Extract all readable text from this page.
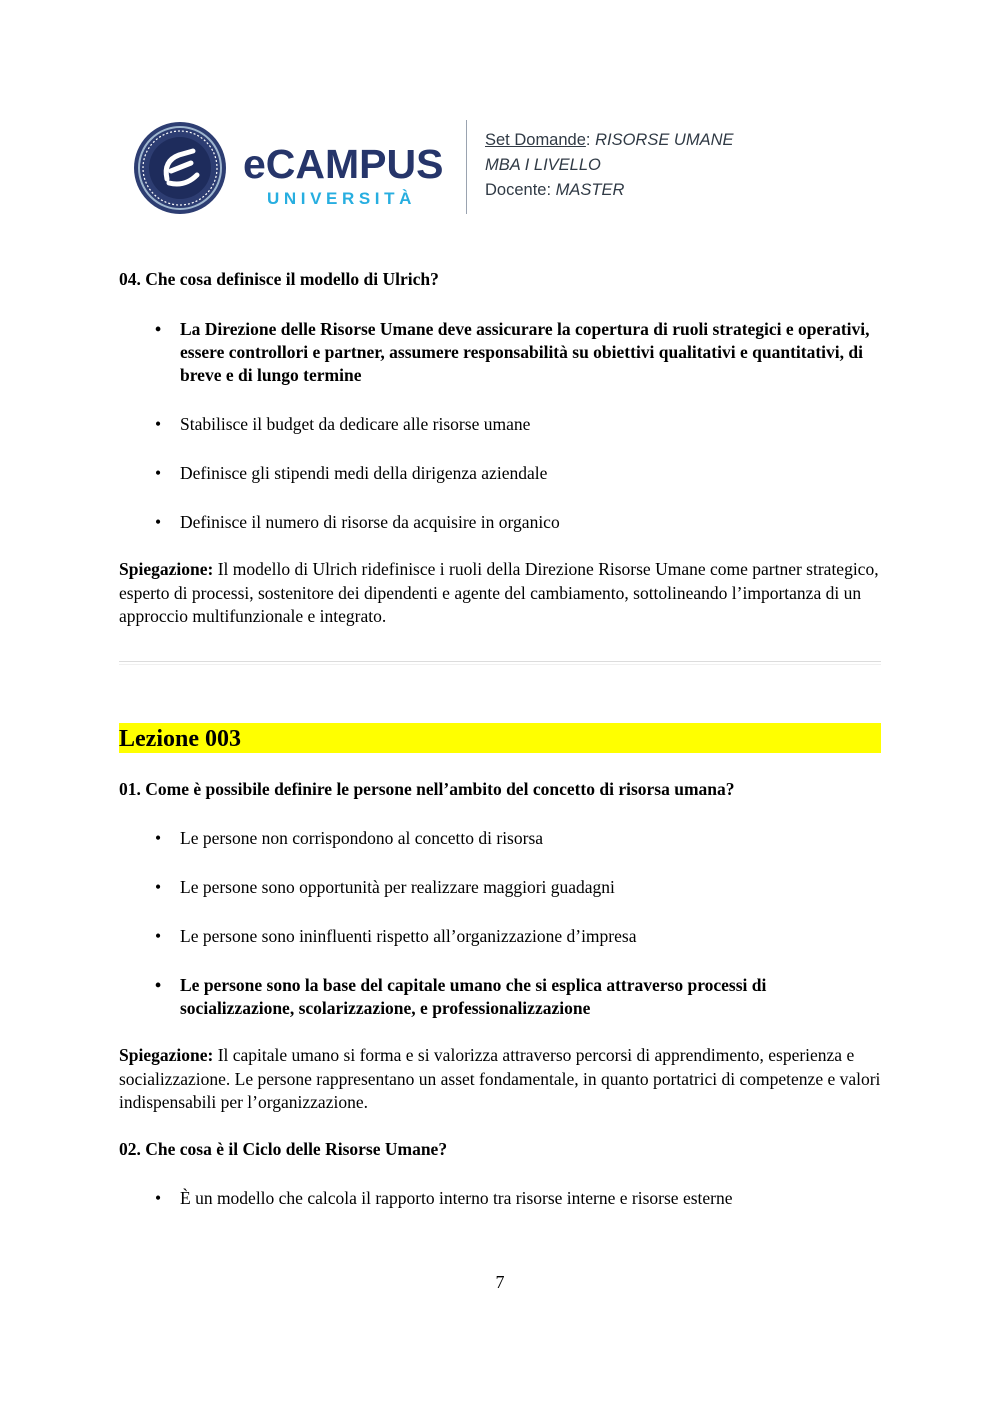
eCAMPUS
UNIVERSITÀ
Set Domande: RISORSE UMANE
MBA I LIVELLO
Docente: MASTER

04. Che cosa definisce il modello di Ulrich?

• La Direzione delle Risorse Umane deve assicurare la copertura di ruoli strategici e operativi, essere controllori e partner, assumere responsabilità su obiettivi qualitativi e quantitativi, di breve e di lungo termine
• Stabilisce il budget da dedicare alle risorse umane
• Definisce gli stipendi medi della dirigenza aziendale
• Definisce il numero di risorse da acquisire in organico

Spiegazione: Il modello di Ulrich ridefinisce i ruoli della Direzione Risorse Umane come partner strategico, esperto di processi, sostenitore dei dipendenti e agente del cambiamento, sottolineando l’importanza di un approccio multifunzionale e integrato.

Lezione 003

01. Come è possibile definire le persone nell’ambito del concetto di risorsa umana?

• Le persone non corrispondono al concetto di risorsa
• Le persone sono opportunità per realizzare maggiori guadagni
• Le persone sono ininfluenti rispetto all’organizzazione d’impresa
• Le persone sono la base del capitale umano che si esplica attraverso processi di socializzazione, scolarizzazione, e professionalizzazione

Spiegazione: Il capitale umano si forma e si valorizza attraverso percorsi di apprendimento, esperienza e socializzazione. Le persone rappresentano un asset fondamentale, in quanto portatrici di competenze e valori indispensabili per l’organizzazione.

02. Che cosa è il Ciclo delle Risorse Umane?

• È un modello che calcola il rapporto interno tra risorse interne e risorse esterne
7
